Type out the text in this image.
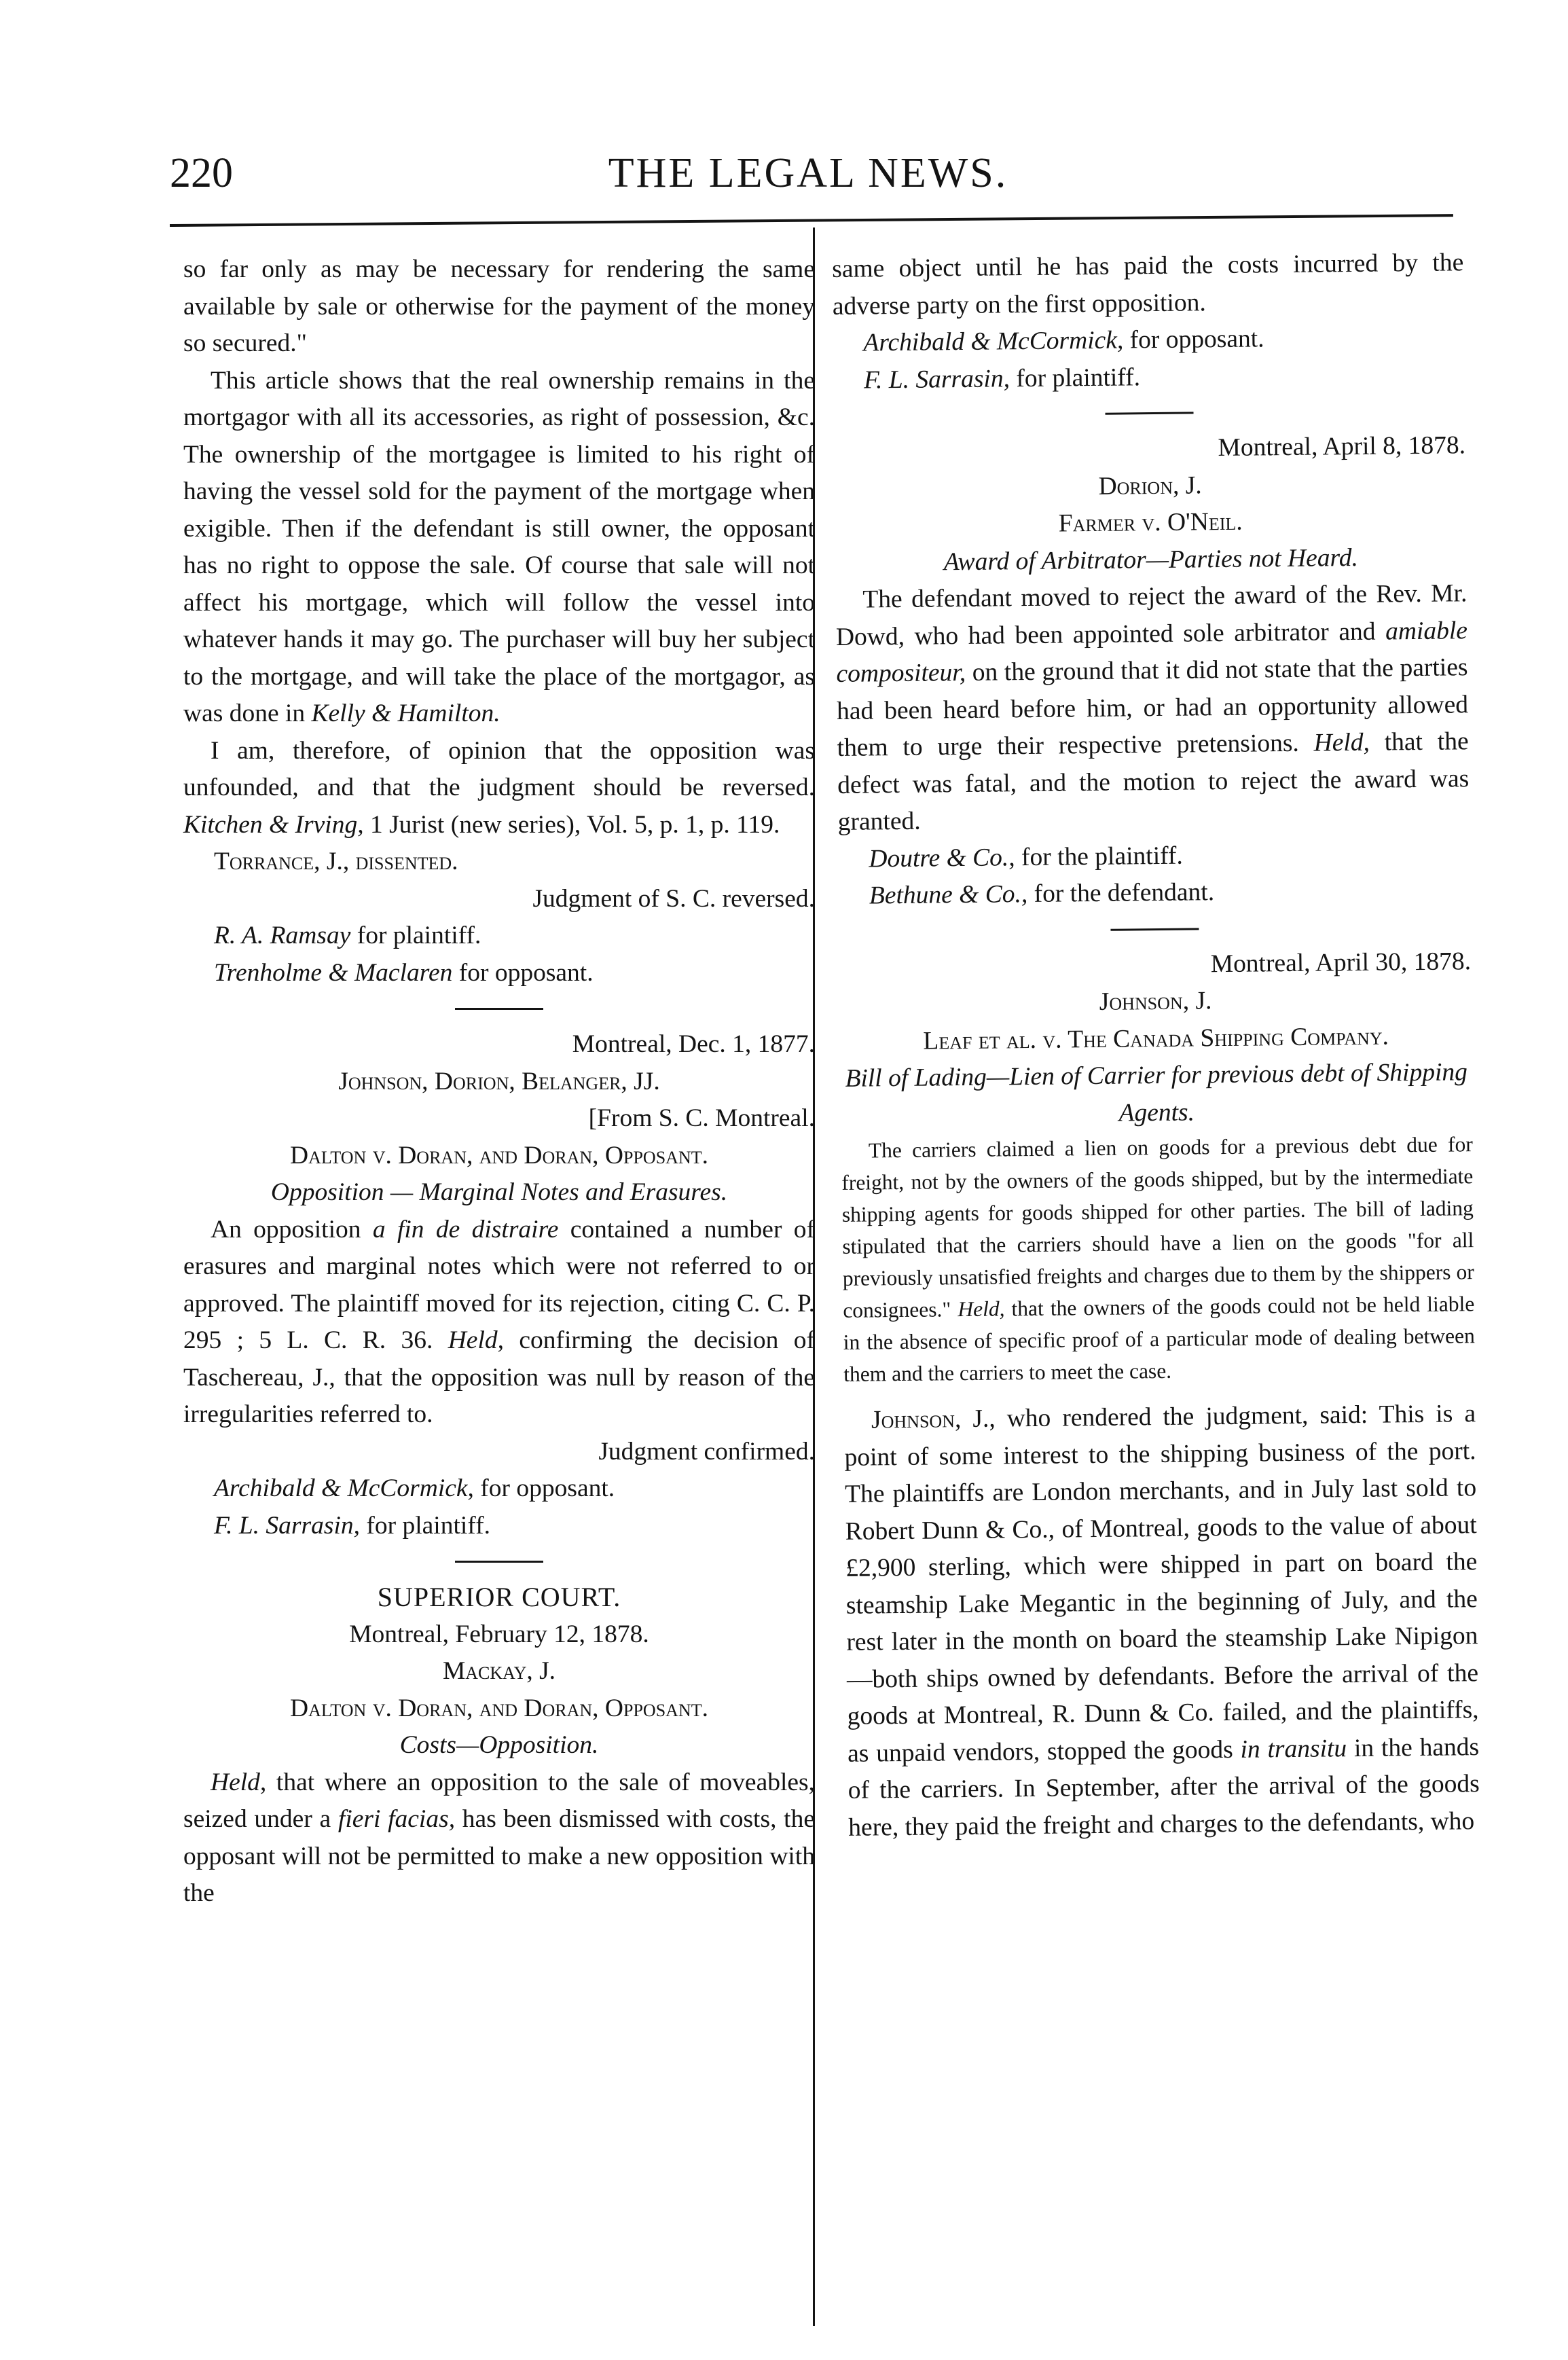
220	THE LEGAL NEWS.

so far only as may be necessary for rendering the same available by sale or otherwise for the payment of the money so secured."

This article shows that the real ownership remains in the mortgagor with all its accessories, as right of possession, &c. The ownership of the mortgagee is limited to his right of having the vessel sold for the payment of the mortgage when exigible. Then if the defendant is still owner, the opposant has no right to oppose the sale. Of course that sale will not affect his mortgage, which will follow the vessel into whatever hands it may go. The purchaser will buy her subject to the mortgage, and will take the place of the mortgagor, as was done in Kelly & Hamilton.

I am, therefore, of opinion that the opposition was unfounded, and that the judgment should be reversed. Kitchen & Irving, 1 Jurist (new series), Vol. 5, p. 1, p. 119.

Torrance, J., dissented.

Judgment of S. C. reversed.

R. A. Ramsay for plaintiff.

Trenholme & Maclaren for opposant.

Montreal, Dec. 1, 1877.

Johnson, Dorion, Belanger, JJ.

[From S. C. Montreal.

Dalton v. Doran, and Doran, Opposant.

Opposition — Marginal Notes and Erasures.

An opposition a fin de distraire contained a number of erasures and marginal notes which were not referred to or approved. The plaintiff moved for its rejection, citing C. C. P. 295 ; 5 L. C. R. 36. Held, confirming the decision of Taschereau, J., that the opposition was null by reason of the irregularities referred to.

Judgment confirmed.

Archibald & McCormick, for opposant.

F. L. Sarrasin, for plaintiff.

SUPERIOR COURT.

Montreal, February 12, 1878.

Mackay, J.

Dalton v. Doran, and Doran, Opposant.

Costs—Opposition.

Held, that where an opposition to the sale of moveables, seized under a fieri facias, has been dismissed with costs, the opposant will not be permitted to make a new opposition with the

same object until he has paid the costs incurred by the adverse party on the first opposition.

Archibald & McCormick, for opposant.

F. L. Sarrasin, for plaintiff.

Montreal, April 8, 1878.

Dorion, J.

Farmer v. O'Neil.

Award of Arbitrator—Parties not Heard.

The defendant moved to reject the award of the Rev. Mr. Dowd, who had been appointed sole arbitrator and amiable compositeur, on the ground that it did not state that the parties had been heard before him, or had an opportunity allowed them to urge their respective pretensions. Held, that the defect was fatal, and the motion to reject the award was granted.

Doutre & Co., for the plaintiff.

Bethune & Co., for the defendant.

Montreal, April 30, 1878.

Johnson, J.

Leaf et al. v. The Canada Shipping Company.

Bill of Lading—Lien of Carrier for previous debt of Shipping Agents.

The carriers claimed a lien on goods for a previous debt due for freight, not by the owners of the goods shipped, but by the intermediate shipping agents for goods shipped for other parties. The bill of lading stipulated that the carriers should have a lien on the goods "for all previously unsatisfied freights and charges due to them by the shippers or consignees." Held, that the owners of the goods could not be held liable in the absence of specific proof of a particular mode of dealing between them and the carriers to meet the case.

Johnson, J., who rendered the judgment, said: This is a point of some interest to the shipping business of the port. The plaintiffs are London merchants, and in July last sold to Robert Dunn & Co., of Montreal, goods to the value of about £2,900 sterling, which were shipped in part on board the steamship Lake Megantic in the beginning of July, and the rest later in the month on board the steamship Lake Nipigon—both ships owned by defendants. Before the arrival of the goods at Montreal, R. Dunn & Co. failed, and the plaintiffs, as unpaid vendors, stopped the goods in transitu in the hands of the carriers. In September, after the arrival of the goods here, they paid the freight and charges to the defendants, who
